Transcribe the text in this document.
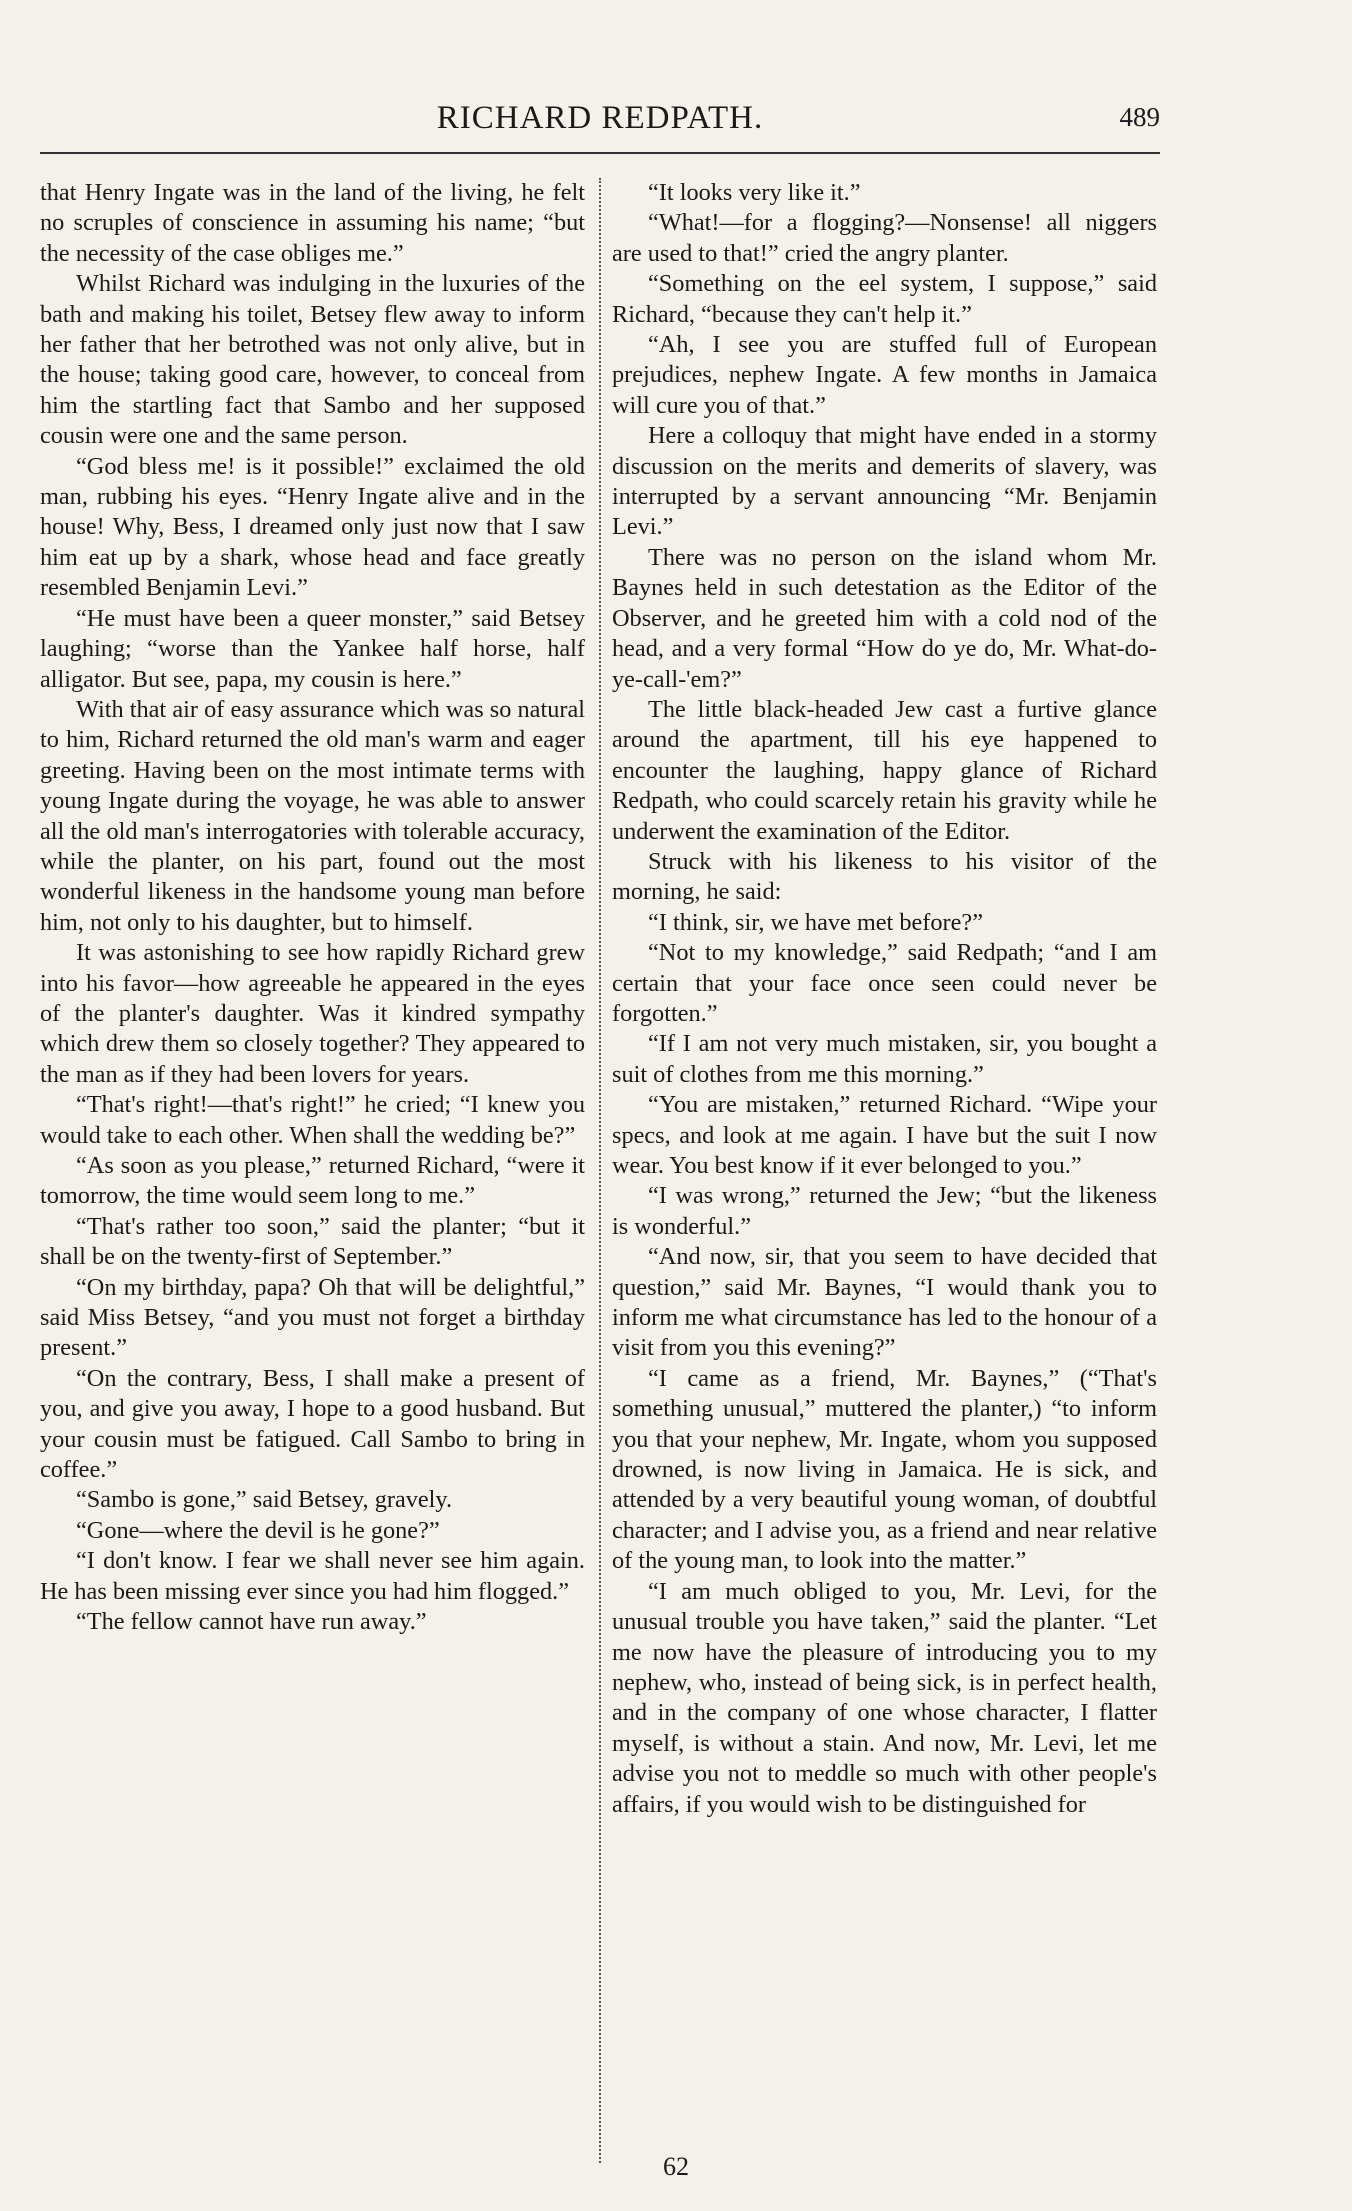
RICHARD REDPATH.	489

that Henry Ingate was in the land of the living, he felt no scruples of conscience in assuming his name; “but the necessity of the case obliges me.”

Whilst Richard was indulging in the luxuries of the bath and making his toilet, Betsey flew away to inform her father that her betrothed was not only alive, but in the house; taking good care, however, to conceal from him the startling fact that Sambo and her supposed cousin were one and the same person.

“God bless me! is it possible!” exclaimed the old man, rubbing his eyes. “Henry Ingate alive and in the house! Why, Bess, I dreamed only just now that I saw him eat up by a shark, whose head and face greatly resembled Benjamin Levi.”

“He must have been a queer monster,” said Betsey laughing; “worse than the Yankee half horse, half alligator. But see, papa, my cousin is here.”

With that air of easy assurance which was so natural to him, Richard returned the old man's warm and eager greeting. Having been on the most intimate terms with young Ingate during the voyage, he was able to answer all the old man's interrogatories with tolerable accuracy, while the planter, on his part, found out the most wonderful likeness in the handsome young man before him, not only to his daughter, but to himself.

It was astonishing to see how rapidly Richard grew into his favor—how agreeable he appeared in the eyes of the planter's daughter. Was it kindred sympathy which drew them so closely together? They appeared to the man as if they had been lovers for years.

“That's right!—that's right!” he cried; “I knew you would take to each other. When shall the wedding be?”

“As soon as you please,” returned Richard, “were it tomorrow, the time would seem long to me.”

“That's rather too soon,” said the planter; “but it shall be on the twenty-first of September.”

“On my birthday, papa? Oh that will be delightful,” said Miss Betsey, “and you must not forget a birthday present.”

“On the contrary, Bess, I shall make a present of you, and give you away, I hope to a good husband. But your cousin must be fatigued. Call Sambo to bring in coffee.”

“Sambo is gone,” said Betsey, gravely.

“Gone—where the devil is he gone?”

“I don't know. I fear we shall never see him again. He has been missing ever since you had him flogged.”

“The fellow cannot have run away.”

“It looks very like it.”

“What!—for a flogging?—Nonsense! all niggers are used to that!” cried the angry planter.

“Something on the eel system, I suppose,” said Richard, “because they can't help it.”

“Ah, I see you are stuffed full of European prejudices, nephew Ingate. A few months in Jamaica will cure you of that.”

Here a colloquy that might have ended in a stormy discussion on the merits and demerits of slavery, was interrupted by a servant announcing “Mr. Benjamin Levi.”

There was no person on the island whom Mr. Baynes held in such detestation as the Editor of the Observer, and he greeted him with a cold nod of the head, and a very formal “How do ye do, Mr. What-do-ye-call-'em?”

The little black-headed Jew cast a furtive glance around the apartment, till his eye happened to encounter the laughing, happy glance of Richard Redpath, who could scarcely retain his gravity while he underwent the examination of the Editor.

Struck with his likeness to his visitor of the morning, he said:

“I think, sir, we have met before?”

“Not to my knowledge,” said Redpath; “and I am certain that your face once seen could never be forgotten.”

“If I am not very much mistaken, sir, you bought a suit of clothes from me this morning.”

“You are mistaken,” returned Richard. “Wipe your specs, and look at me again. I have but the suit I now wear. You best know if it ever belonged to you.”

“I was wrong,” returned the Jew; “but the likeness is wonderful.”

“And now, sir, that you seem to have decided that question,” said Mr. Baynes, “I would thank you to inform me what circumstance has led to the honour of a visit from you this evening?”

“I came as a friend, Mr. Baynes,” (“That's something unusual,” muttered the planter,) “to inform you that your nephew, Mr. Ingate, whom you supposed drowned, is now living in Jamaica. He is sick, and attended by a very beautiful young woman, of doubtful character; and I advise you, as a friend and near relative of the young man, to look into the matter.”

“I am much obliged to you, Mr. Levi, for the unusual trouble you have taken,” said the planter. “Let me now have the pleasure of introducing you to my nephew, who, instead of being sick, is in perfect health, and in the company of one whose character, I flatter myself, is without a stain. And now, Mr. Levi, let me advise you not to meddle so much with other people's affairs, if you would wish to be distinguished for

62
